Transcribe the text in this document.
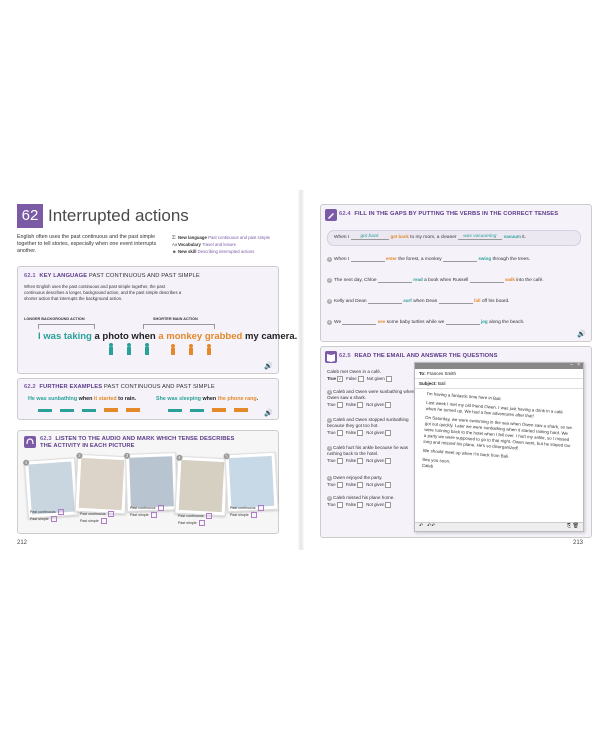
62 Interrupted actions
English often uses the past continuous and the past simple together to tell stories, especially when one event interrupts another.
⚿ New language Past continuous and past simple
AaVocabulary Travel and leisure
☻New skill Describing interrupted actions
62.1 KEY LANGUAGE PAST CONTINUOUS AND PAST SIMPLE
When English uses the past continuous and past simple together, the past continuous describes a longer, background action, and the past simple describes a shorter action that interrupts the background action.
LONGER BACKGROUND ACTION	SHORTER MAIN ACTION
I was taking a photo when a monkey grabbed my camera.
🔊
62.2 FURTHER EXAMPLES PAST CONTINUOUS AND PAST SIMPLE
He was sunbathing when it started to rain.	She was sleeping when the phone rang.
🔊
62.3 LISTEN TO THE AUDIO AND MARK WHICH TENSE DESCRIBES THE ACTIVITY IN EACH PICTURE
1
2	3	4	5
Past continuous
Past simple
Past continuous
Past simple
Past continuous
Past simple	Past continuous
Past simple
Past continuous
Past simple
212
62.4 FILL IN THE GAPS BY PUTTING THE VERBS IN THE CORRECT TENSES
When I got back	get back to my room, a cleaner was vacuuming vacuum it.
1 When I	enter the forest, a monkey	swing through the trees.
2 The next day, Chloe	read a book when Russell	walk into the café.
3 Kelly and Dean	surf when Dean	fall off his board.
4 We	see some baby turtles while we	jog along the beach.
🔊
62.5 READ THE EMAIL AND ANSWER THE QUESTIONS
Caleb met Owen in a café.
True ✓ False Not given
1 Caleb and Owen were sunbathing when Owen saw a shark.
True False Not given
2 Caleb and Owen stopped sunbathing because they got too hot.
True False Not given
3 Caleb hurt his ankle because he was rushing back to the hotel.
True False Not given
4 Owen enjoyed the party.
True False Not given
5 Caleb missed his plane home.
True False Not given
– ×
To: Frances Smith
Subject: Bali

I'm having a fantastic time here in Bali.

Last week I met my old friend Owen. I was just having a drink in a café when he turned up. We had a few adventures after that!

On Saturday, we were swimming in the sea when Owen saw a shark, so we got out quickly. Later we were sunbathing when it started raining hard. We were running back to the hotel when I fell over. I hurt my ankle, so I missed a party we were supposed to go to that night. Owen went, but he stayed too long and missed his plane. He's so disorganized!

We should meet up when I'm back from Bali.

See you soon,

Caleb

↶ ↶↶	⎘ 🗑
213
